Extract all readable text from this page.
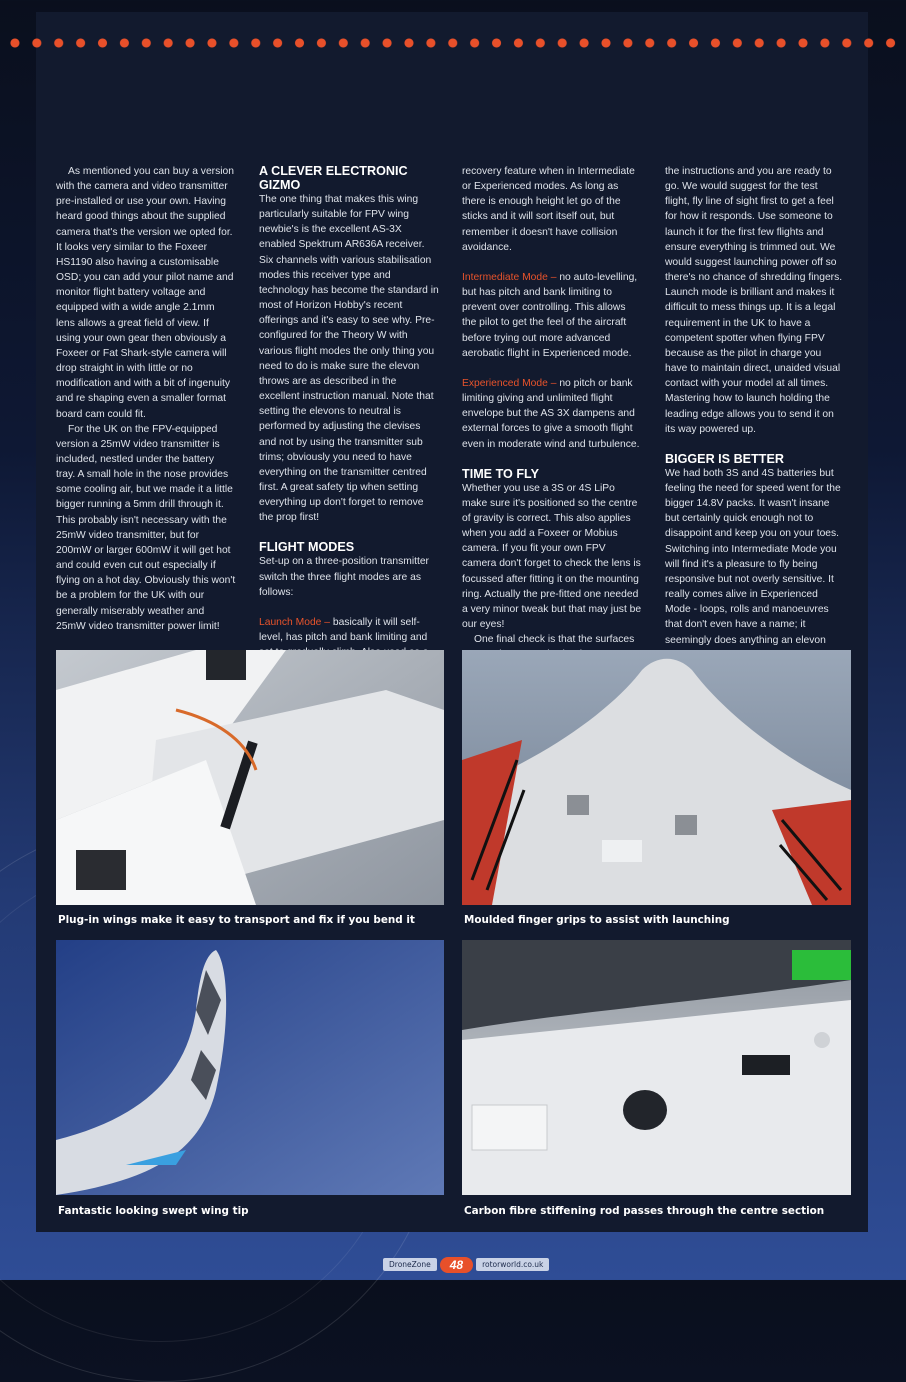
As mentioned you can buy a version with the camera and video transmitter pre-installed or use your own. Having heard good things about the supplied camera that's the version we opted for. It looks very similar to the Foxeer HS1190 also having a customisable OSD; you can add your pilot name and monitor flight battery voltage and equipped with a wide angle 2.1mm lens allows a great field of view. If using your own gear then obviously a Foxeer or Fat Shark-style camera will drop straight in with little or no modification and with a bit of ingenuity and re shaping even a smaller format board cam could fit.

For the UK on the FPV-equipped version a 25mW video transmitter is included, nestled under the battery tray. A small hole in the nose provides some cooling air, but we made it a little bigger running a 5mm drill through it. This probably isn't necessary with the 25mW video transmitter, but for 200mW or larger 600mW it will get hot and could even cut out especially if flying on a hot day. Obviously this won't be a problem for the UK with our generally miserably weather and 25mW video transmitter power limit!

A CLEVER ELECTRONIC GIZMO

The one thing that makes this wing particularly suitable for FPV wing newbie's is the excellent AS-3X enabled Spektrum AR636A receiver. Six channels with various stabilisation modes this receiver type and technology has become the standard in most of Horizon Hobby's recent offerings and it's easy to see why. Pre-configured for the Theory W with various flight modes the only thing you need to do is make sure the elevon throws are as described in the excellent instruction manual. Note that setting the elevons to neutral is performed by adjusting the clevises and not by using the transmitter sub trims; obviously you need to have everything on the transmitter centred first. A great safety tip when setting everything up don't forget to remove the prop first!

FLIGHT MODES

Set-up on a three-position transmitter switch the three flight modes are as follows:

Launch Mode – basically it will self-level, has pitch and bank limiting and

recovery feature when in Intermediate or Experienced modes. As long as there is enough height let go of the sticks and it will sort itself out, but remember it doesn't have collision avoidance.

Intermediate Mode – no auto-levelling, but has pitch and bank limiting to prevent over controlling. This allows the pilot to get the feel of the aircraft before trying out more advanced aerobatic flight in Experienced mode.

Experienced Mode – no pitch or bank limiting giving and unlimited flight envelope but the AS 3X dampens and external forces to give a smooth flight even in moderate wind and turbulence.

TIME TO FLY

Whether you use a 3S or 4S LiPo make sure it's positioned so the centre of gravity is correct. This also applies when you add a Foxeer or Mobius camera. If you fit your own FPV camera don't forget to check the lens is focussed after fitting it on the mounting ring. Actually the pre-fitted one needed a very minor tweak but that may just be our eyes!

One final check is that the surfaces

the instructions and you are ready to go. We would suggest for the test flight, fly line of sight first to get a feel for how it responds. Use someone to launch it for the first few flights and ensure everything is trimmed out. We would suggest launching power off so there's no chance of shredding fingers. Launch mode is brilliant and makes it difficult to mess things up. It is a legal requirement in the UK to have a competent spotter when flying FPV because as the pilot in charge you have to maintain direct, unaided visual contact with your model at all times. Mastering how to launch holding the leading edge allows you to send it on its way powered up.

BIGGER IS BETTER

We had both 3S and 4S batteries but feeling the need for speed went for the bigger 14.8V packs. It wasn't insane but certainly quick enough not to disappoint and keep you on your toes. Switching into Intermediate Mode you will find it's a pleasure to fly being responsive but not overly sensitive. It really comes alive in Experienced Mode - loops, rolls and manoeuvres that don't even have a name; it seemingly does anything an elevon

Plug-in wings make it easy to transport and fix if you bend it	Moulded finger grips to assist with launching
Fantastic looking swept wing tip	Carbon fibre stiffening rod passes through the centre section
DroneZone	48	rotorworld.co.uk
